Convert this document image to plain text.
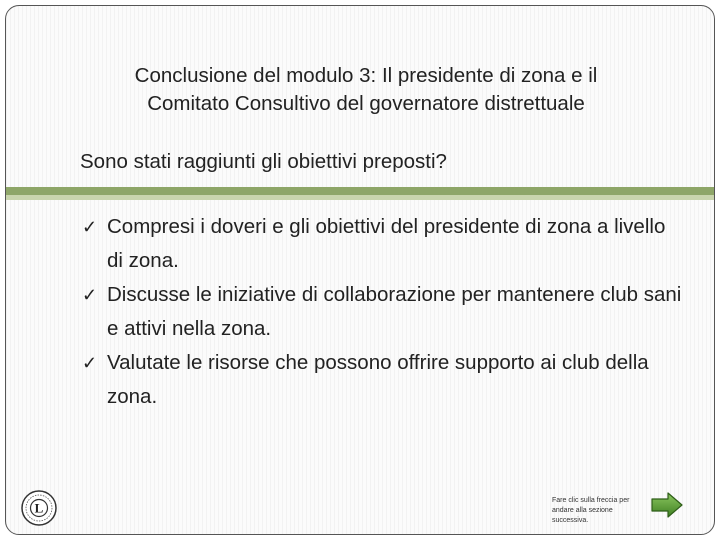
Conclusione del modulo 3: Il presidente di zona e il
Comitato Consultivo del governatore distrettuale
Sono stati raggiunti gli obiettivi preposti?
✓ Compresi i doveri e gli obiettivi del presidente di zona a livello di zona.
✓ Discusse le iniziative di collaborazione per mantenere club sani e attivi nella zona.
✓ Valutate le risorse che possono offrire supporto ai club della zona.
L	Fare clic sulla freccia per andare alla sezione successiva.
